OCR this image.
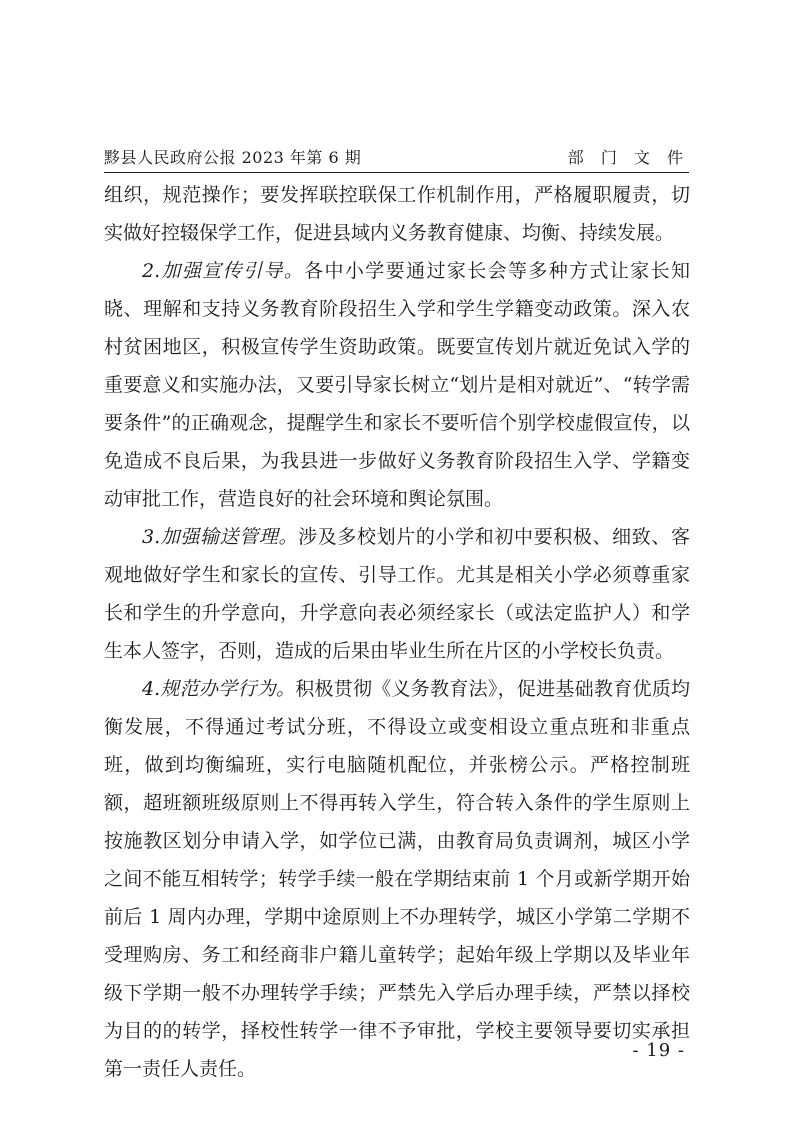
黟县人民政府公报 2023 年第 6 期	部 门 文 件

组织，规范操作；要发挥联控联保工作机制作用，严格履职履责，切实做好控辍保学工作，促进县域内义务教育健康、均衡、持续发展。

2.加强宣传引导。各中小学要通过家长会等多种方式让家长知晓、理解和支持义务教育阶段招生入学和学生学籍变动政策。深入农村贫困地区，积极宣传学生资助政策。既要宣传划片就近免试入学的重要意义和实施办法，又要引导家长树立“划片是相对就近”、“转学需要条件”的正确观念，提醒学生和家长不要听信个别学校虚假宣传，以免造成不良后果，为我县进一步做好义务教育阶段招生入学、学籍变动审批工作，营造良好的社会环境和舆论氛围。

3.加强输送管理。涉及多校划片的小学和初中要积极、细致、客观地做好学生和家长的宣传、引导工作。尤其是相关小学必须尊重家长和学生的升学意向，升学意向表必须经家长（或法定监护人）和学生本人签字，否则，造成的后果由毕业生所在片区的小学校长负责。

4.规范办学行为。积极贯彻《义务教育法》，促进基础教育优质均衡发展，不得通过考试分班，不得设立或变相设立重点班和非重点班，做到均衡编班，实行电脑随机配位，并张榜公示。严格控制班额，超班额班级原则上不得再转入学生，符合转入条件的学生原则上按施教区划分申请入学，如学位已满，由教育局负责调剂，城区小学之间不能互相转学；转学手续一般在学期结束前 1 个月或新学期开始前后 1 周内办理，学期中途原则上不办理转学，城区小学第二学期不受理购房、务工和经商非户籍儿童转学；起始年级上学期以及毕业年级下学期一般不办理转学手续；严禁先入学后办理手续，严禁以择校为目的的转学，择校性转学一律不予审批，学校主要领导要切实承担第一责任人责任。

- 19 -
